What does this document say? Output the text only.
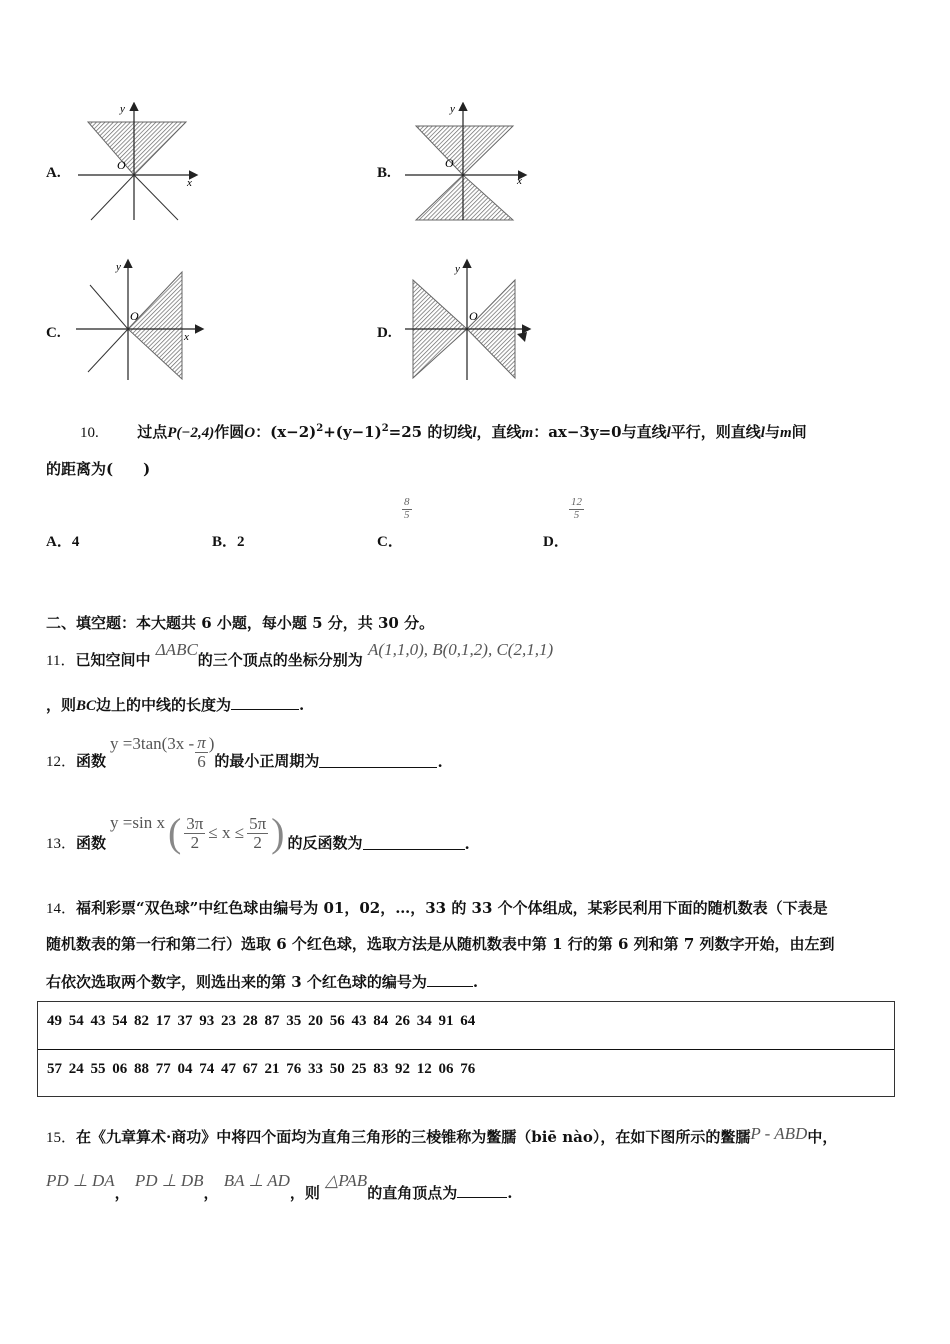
A.
y
x
O	B.
y
x
O
C.
y
x
O
D.
y
O
10.	过点P(−2,4)作圆O：$(x-2)^2+(y-1)^2=25$ 的切线l，直线m：ax−3y=0与直线l平行，则直线l与m间
的距离为(　　)
A．4	B．2	C．
$\frac{8}{5}$
D．
$\frac{12}{5}$
二、填空题：本大题共 6 小题，每小题 5 分，共 30 分。
11．已知空间中 ΔABC的三个顶点的坐标分别为 A(1,1,0), B(0,1,2), C(2,1,1)
，则BC边上的中线的长度为	.
12． 函数
$y =3\tan(3x - \frac{\pi}{6}$ )
的最小正周期为	.
13． 函数
y =sin x ( $\frac{3\pi}{2} \le x \le \frac{5\pi}{2}$ ) 的反函数为	.
14．福利彩票“双色球”中红色球由编号为 01，02，…，33 的 33 个个体组成，某彩民利用下面的随机数表（下表是
随机数表的第一行和第二行）选取 6 个红色球，选取方法是从随机数表中第 1 行的第 6 列和第 7 列数字开始，由左到
右依次选取两个数字，则选出来的第 3 个红色球的编号为	.
49 54 43 54 82 17 37 93 23 28 87 35 20 56 43 84 26 34 91 64
57 24 55 06 88 77 04 74 47 67 21 76 33 50 25 83 92 12 06 76
15．在《九章算术·商功》中将四个面均为直角三角形的三棱锥称为鳖臑（biē nào），在如下图所示的鳖臑P - ABD中，
PD ⊥ DA， PD ⊥ DB， BA ⊥ AD，则 △PAB的直角顶点为	.
